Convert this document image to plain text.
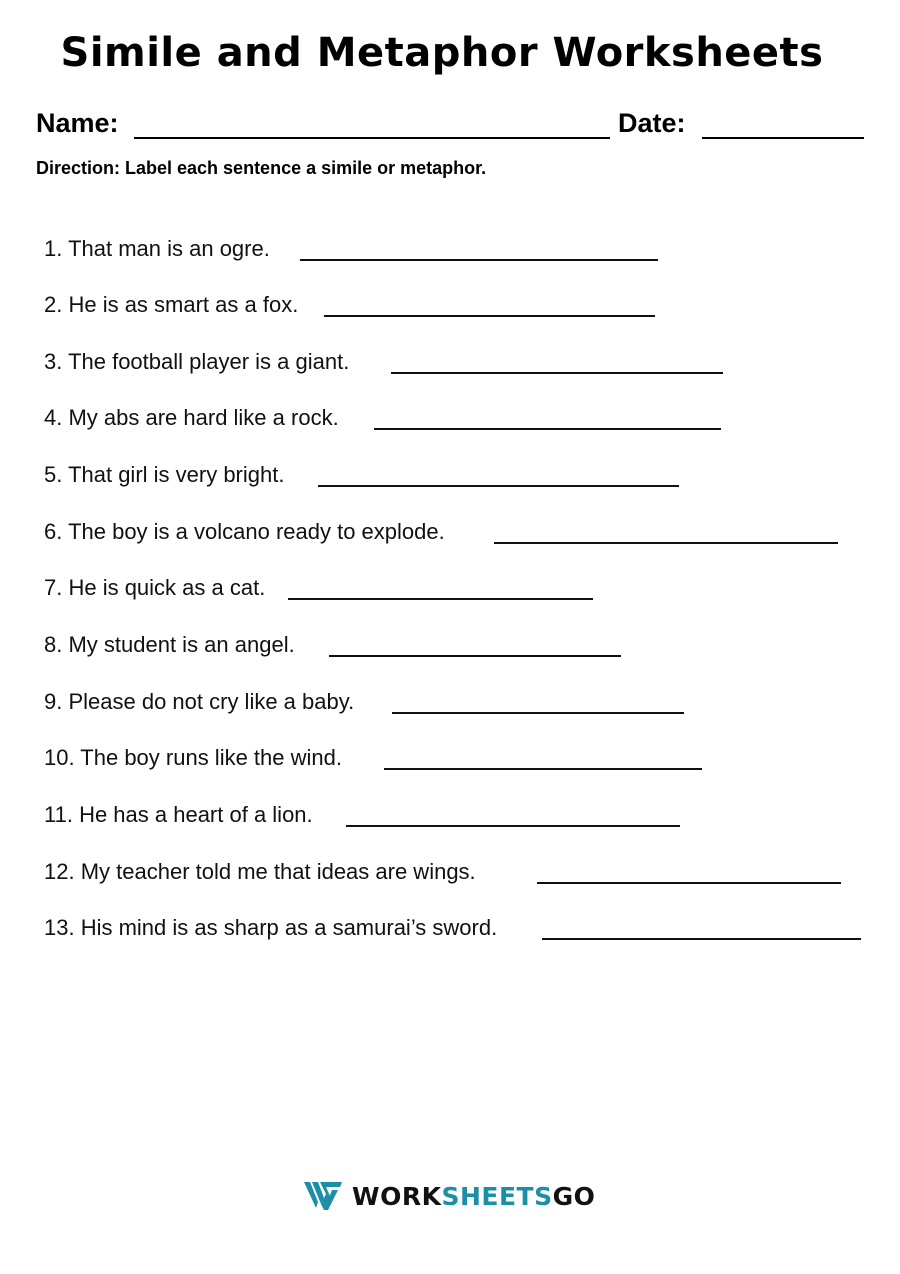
Simile and Metaphor Worksheets
Name:	Date:
Direction: Label each sentence a simile or metaphor.
1. That man is an ogre.
2. He is as smart as a fox.
3. The football player is a giant.
4. My abs are hard like a rock.
5. That girl is very bright.
6. The boy is a volcano ready to explode.
7. He is quick as a cat.
8. My student is an angel.
9. Please do not cry like a baby.
10. The boy runs like the wind.
11. He has a heart of a lion.
12. My teacher told me that ideas are wings.
13. His mind is as sharp as a samurai’s sword.
WORKSHEETSGO
